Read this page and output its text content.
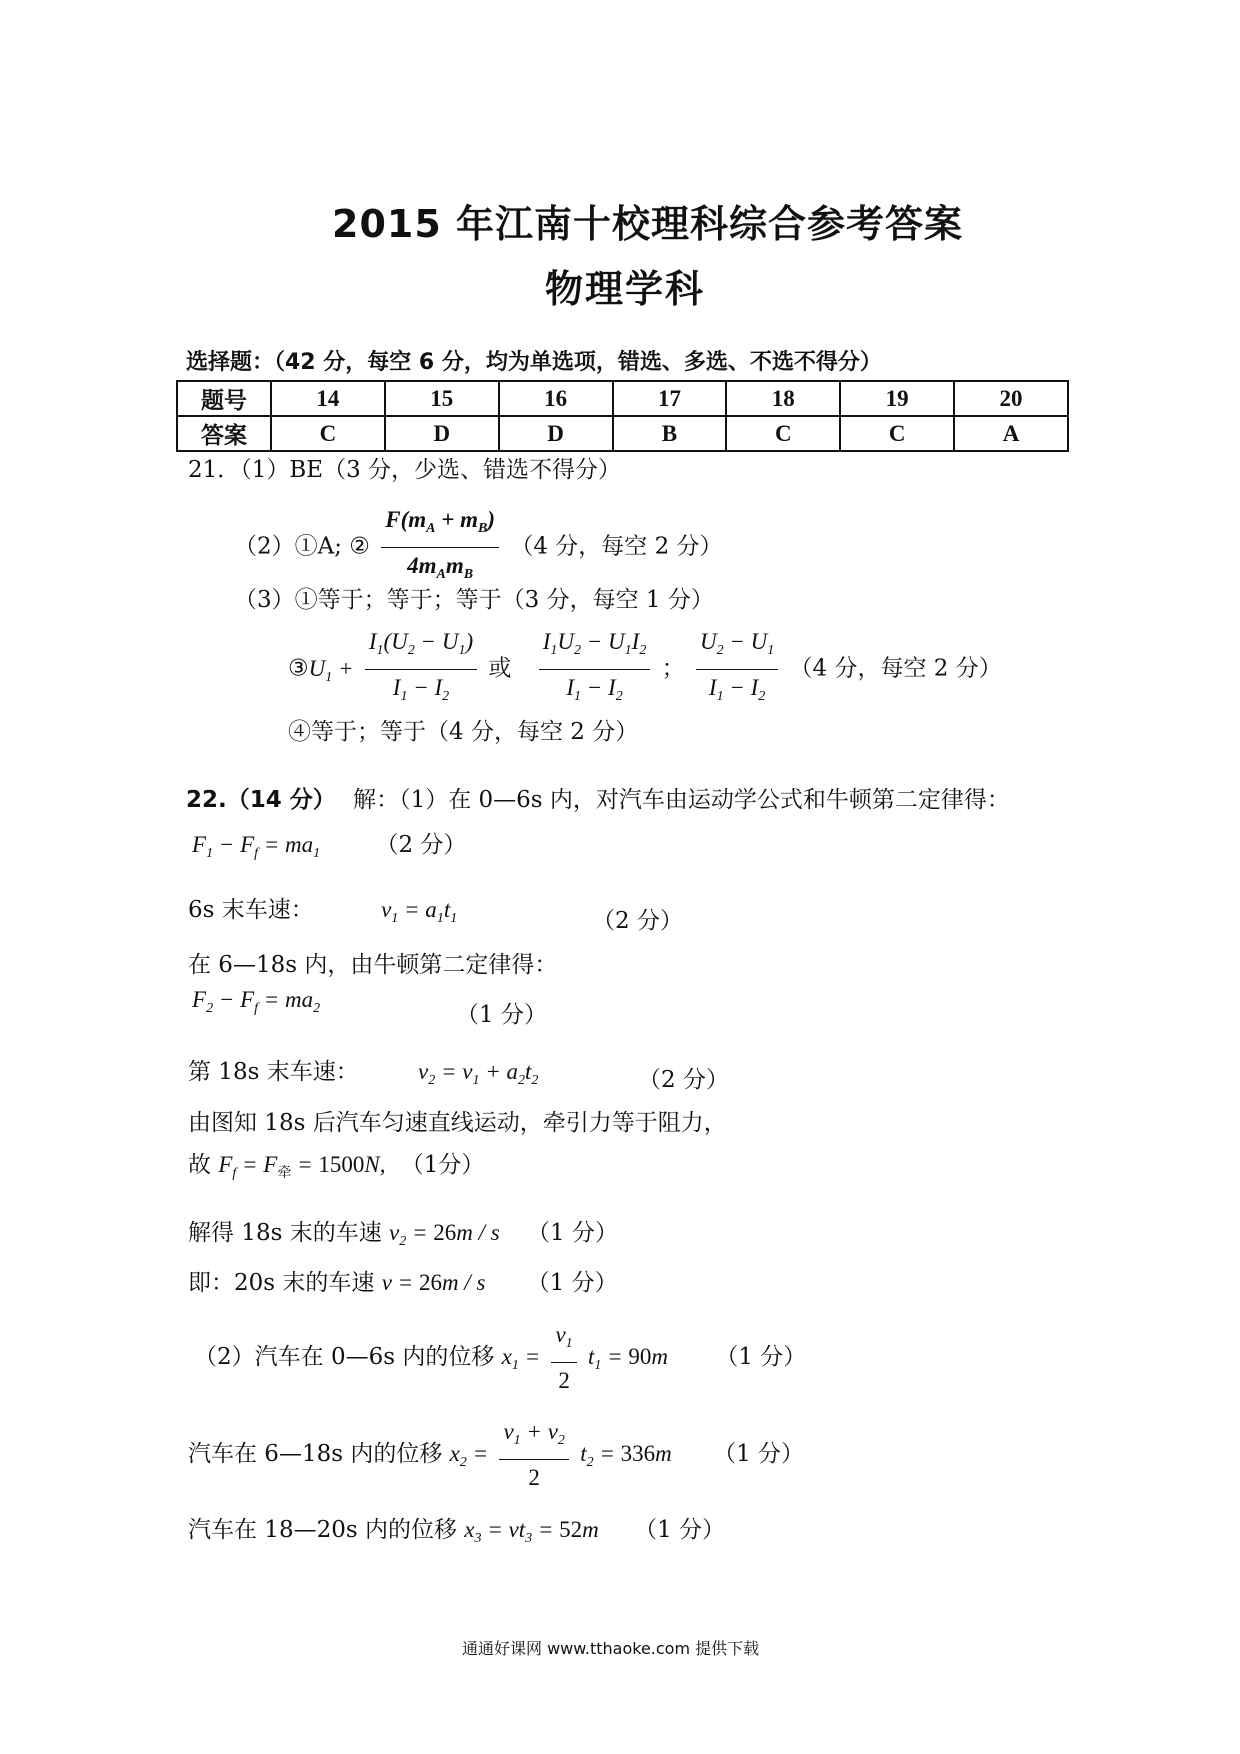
2015 年江南十校理科综合参考答案
物理学科
选择题：（42 分，每空 6 分，均为单选项，错选、多选、不选不得分）
题号	14	15	16	17	18	19	20
答案	C	D	D	B	C	C	A
21．（1）BE（3 分，少选、错选不得分）
（2）①A; ② $\frac{F(m_A + m_B)}{4m_Am_B} (4$ 分，每空 2 分）
（3）①等于；等于；等于（3 分，每空 1 分）
$③U_1 + \frac{I_1(U_2 - U_1)}{I_1 - I_2}$ 或 $\frac{I_1U_2 - U_1I_2}{I_1 - I_2}$ ； $\frac{U_2 - U_1}{I_1 - I_2} (4$ 分，每空 2 分）
④等于；等于（4 分，每空 2 分）
22.（14 分） 解：（1）在 0—6s 内，对汽车由运动学公式和牛顿第二定律得：
$F_1 - F_f = ma_1$ （2 分）
6s 末车速：	$v_1 = a_1t_1$	（2 分）
在 6—18s 内，由牛顿第二定律得：
$F_2 - F_f = ma_2$	（1 分）
第 18s 末车速：	$v_2 = v_1 + a_2t_2$	（2 分）
由图知 18s 后汽车匀速直线运动，牵引力等于阻力，
故 $F_f = F_牵 = 1500N$, （1分）
解得 18s 末的车速 $v_2 = 26m / s$ （1 分）
即：20s 末的车速 v = 26m / s （1 分）
（2）汽车在 0—6s 内的位移 $x_1 = \frac{v_1}{2} t_1 = 90m$ （1 分）
汽车在 6—18s 内的位移 $x_2 = \frac{v_1 + v_2}{2} t_2 = 336m$ （1 分）
汽车在 18—20s 内的位移 $x_3 = vt_3 = 52m$ （1 分）
通通好课网 www.tthaoke.com 提供下载
